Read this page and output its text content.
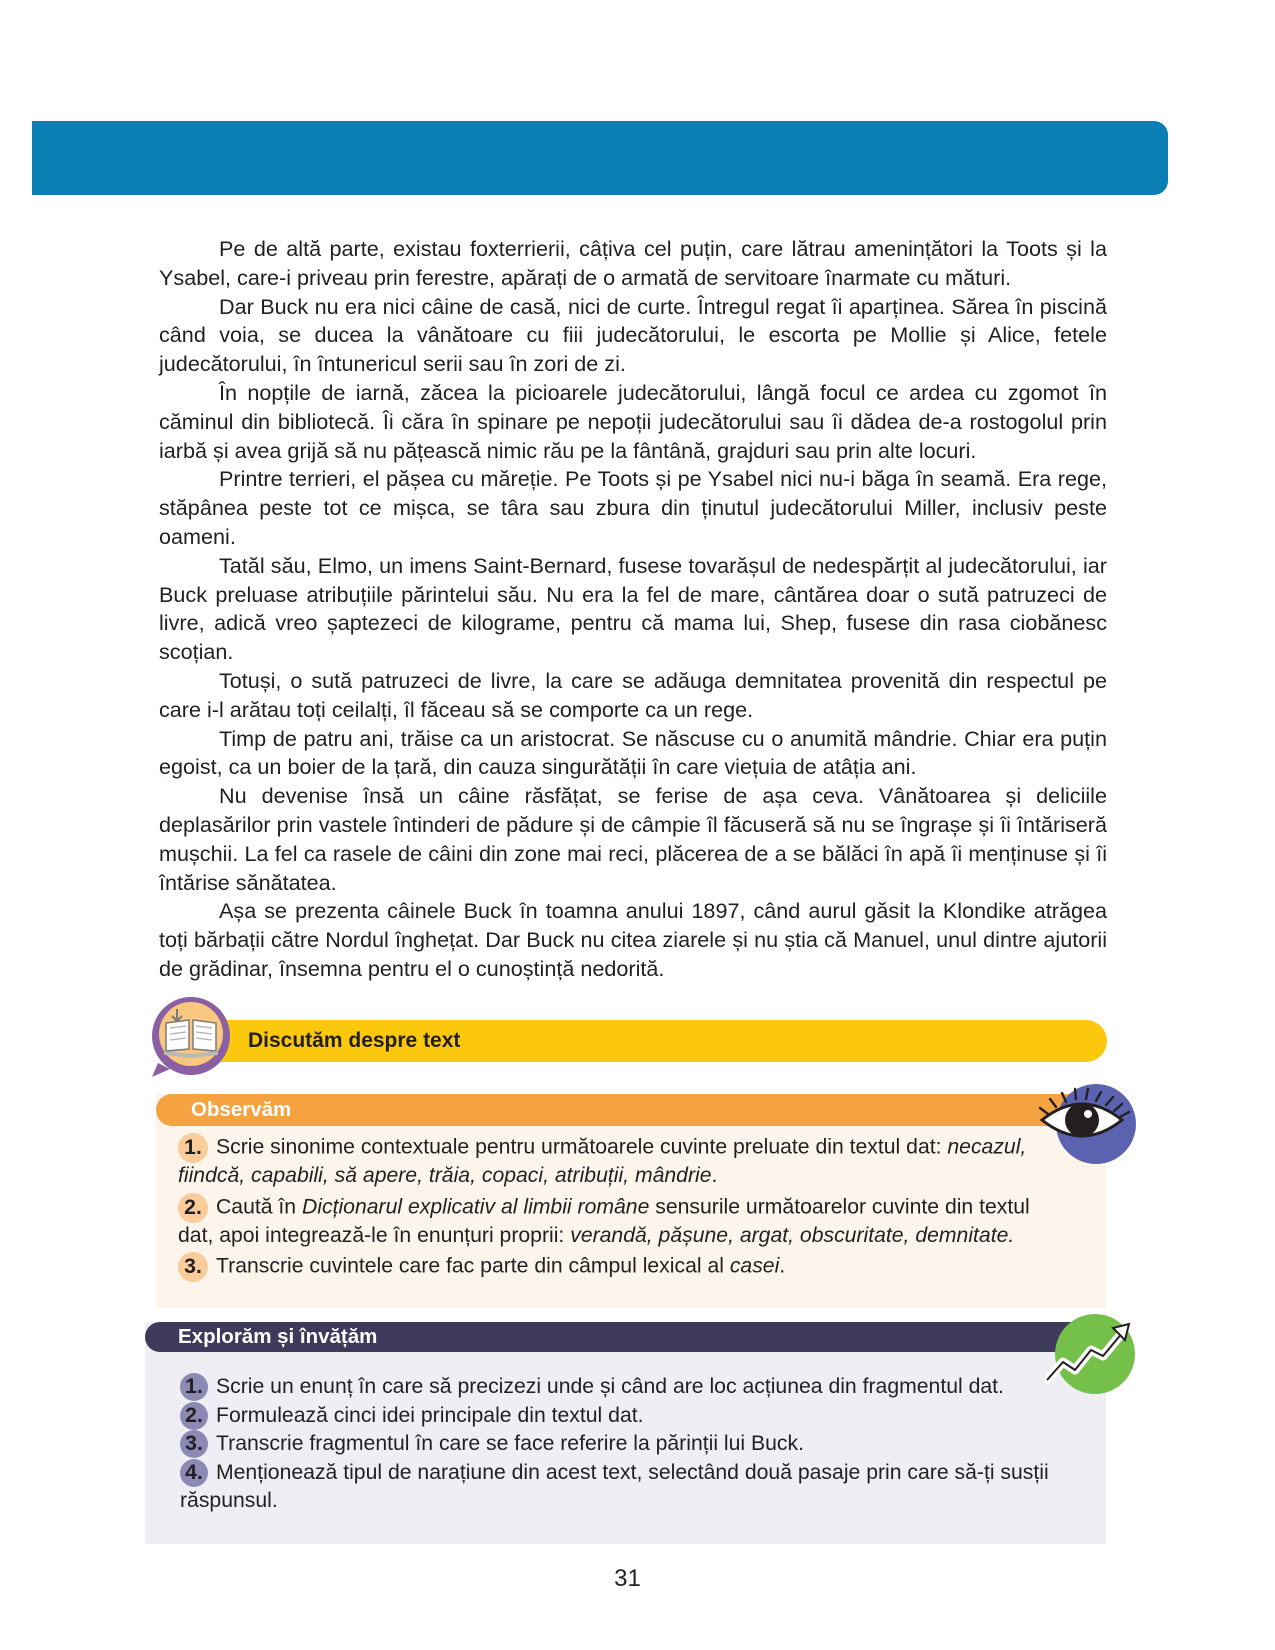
Pe de altă parte, existau foxterrierii, câțiva cel puțin, care lătrau amenințători la Toots și la Ysabel, care-i priveau prin ferestre, apărați de o armată de servitoare înarmate cu mături.

Dar Buck nu era nici câine de casă, nici de curte. Întregul regat îi aparținea. Sărea în piscină când voia, se ducea la vânătoare cu fiii judecătorului, le escorta pe Mollie și Alice, fetele judecătorului, în întunericul serii sau în zori de zi.

În nopțile de iarnă, zăcea la picioarele judecătorului, lângă focul ce ardea cu zgomot în căminul din bibliotecă. Îi căra în spinare pe nepoții judecătorului sau îi dădea de-a rostogolul prin iarbă și avea grijă să nu pățească nimic rău pe la fântână, grajduri sau prin alte locuri.

Printre terrieri, el pășea cu măreție. Pe Toots și pe Ysabel nici nu-i băga în seamă. Era rege, stăpânea peste tot ce mișca, se târa sau zbura din ținutul judecătorului Miller, inclusiv peste oameni.

Tatăl său, Elmo, un imens Saint-Bernard, fusese tovarășul de nedespărțit al judecătorului, iar Buck preluase atribuțiile părintelui său. Nu era la fel de mare, cântărea doar o sută patruzeci de livre, adică vreo șaptezeci de kilograme, pentru că mama lui, Shep, fusese din rasa ciobănesc scoțian.

Totuși, o sută patruzeci de livre, la care se adăuga demnitatea provenită din respectul pe care i-l arătau toți ceilalți, îl făceau să se comporte ca un rege.

Timp de patru ani, trăise ca un aristocrat. Se născuse cu o anumită mândrie. Chiar era puțin egoist, ca un boier de la țară, din cauza singurătății în care viețuia de atâția ani.

Nu devenise însă un câine răsfățat, se ferise de așa ceva. Vânătoarea și deliciile deplasărilor prin vastele întinderi de pădure și de câmpie îl făcuseră să nu se îngrașe și îi întăriseră mușchii. La fel ca rasele de câini din zone mai reci, plăcerea de a se bălăci în apă îi menținuse și îi întărise sănătatea.

Așa se prezenta câinele Buck în toamna anului 1897, când aurul găsit la Klondike atrăgea toți bărbații către Nordul înghețat. Dar Buck nu citea ziarele și nu știa că Manuel, unul dintre ajutorii de grădinar, însemna pentru el o cunoștință nedorită.

Discutăm despre text
Observăm
1. Scrie sinonime contextuale pentru următoarele cuvinte preluate din textul dat: necazul, fiindcă, capabili, să apere, trăia, copaci, atribuții, mândrie.
2. Caută în Dicționarul explicativ al limbii române sensurile următoarelor cuvinte din textul dat, apoi integrează-le în enunțuri proprii: verandă, pășune, argat, obscuritate, demnitate.
3. Transcrie cuvintele care fac parte din câmpul lexical al casei.
Explorăm și învățăm
1. Scrie un enunț în care să precizezi unde și când are loc acțiunea din fragmentul dat.
2. Formulează cinci idei principale din textul dat.
3. Transcrie fragmentul în care se face referire la părinții lui Buck.
4. Menționează tipul de narațiune din acest text, selectând două pasaje prin care să-ți susții răspunsul.
31
